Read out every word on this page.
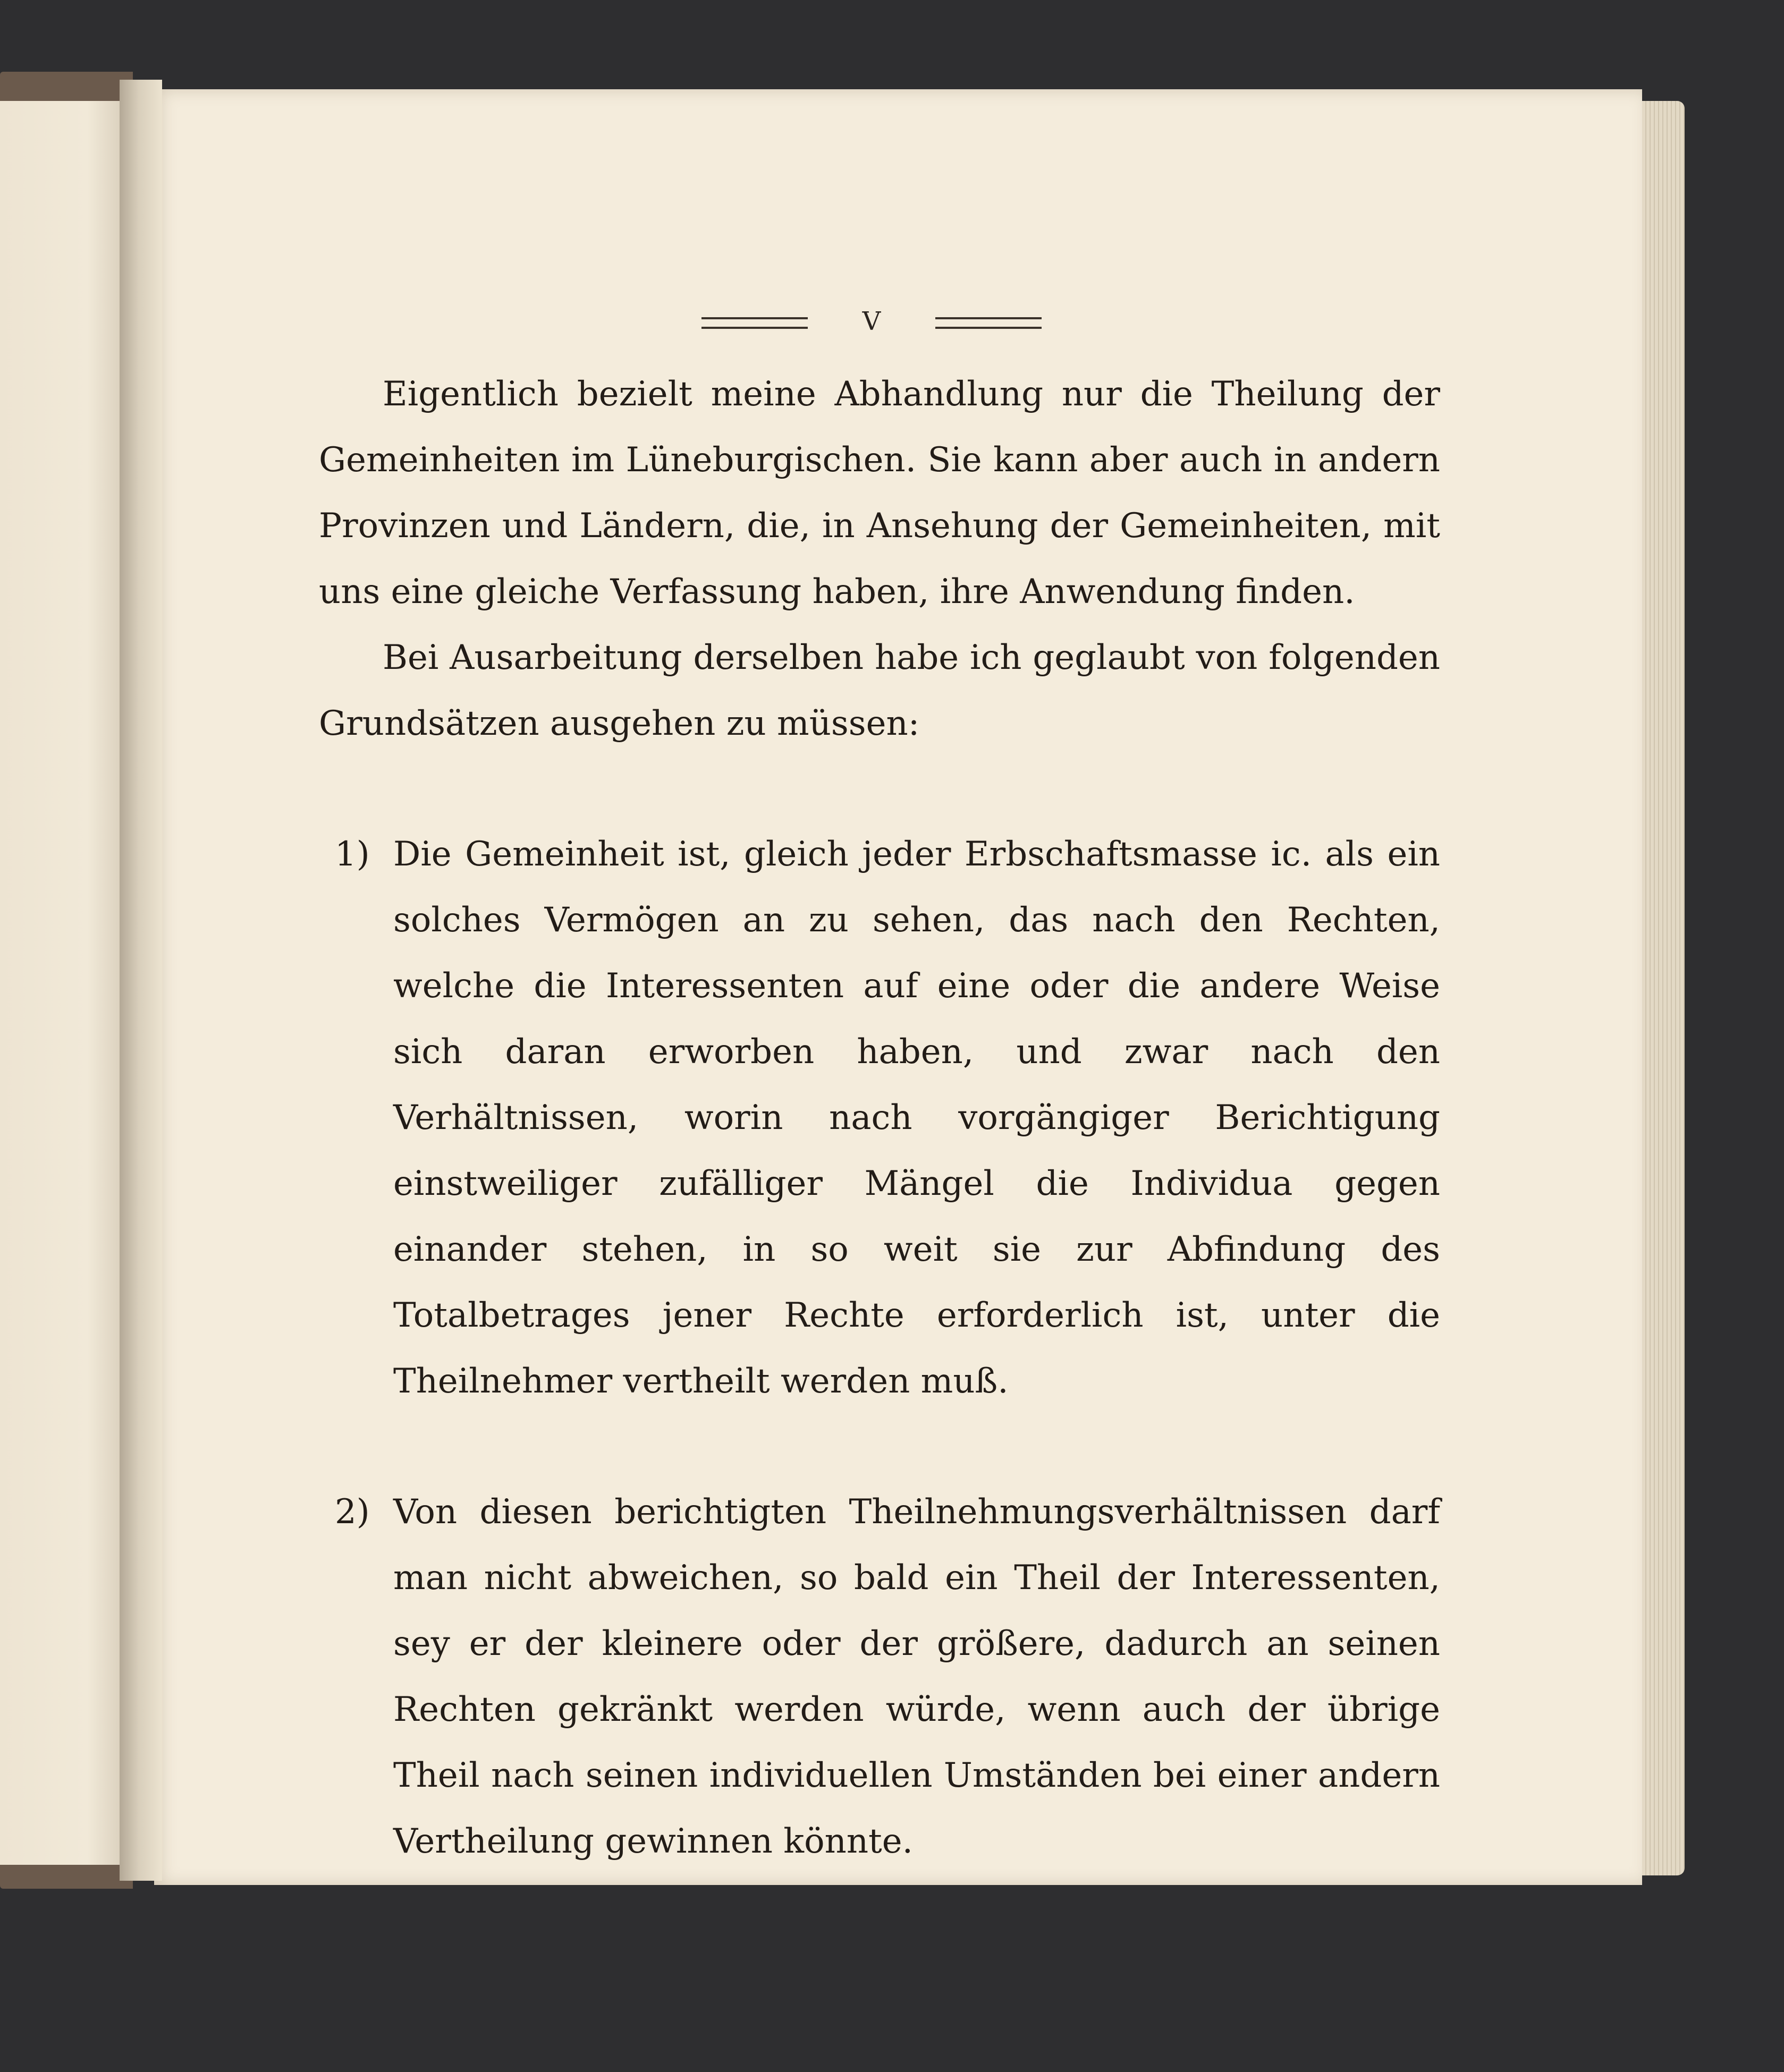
V

Eigentlich bezielt meine Abhandlung nur die Theilung der Gemeinheiten im Lüneburgischen. Sie kann aber auch in andern Provinzen und Ländern, die, in Ansehung der Gemeinheiten, mit uns eine gleiche Verfassung haben, ihre Anwendung finden.

Bei Ausarbeitung derselben habe ich geglaubt von folgenden Grundsätzen ausgehen zu müssen:

1) Die Gemeinheit ist, gleich jeder Erbschaftsmasse ic. als ein solches Vermögen an zu sehen, das nach den Rechten, welche die Interessenten auf eine oder die andere Weise sich daran erworben haben, und zwar nach den Verhältnissen, worin nach vorgängiger Berichtigung einstweiliger zufälliger Mängel die Individua gegen einander stehen, in so weit sie zur Abfindung des Totalbetrages jener Rechte erforderlich ist, unter die Theilnehmer vertheilt werden muß.
2) Von diesen berichtigten Theilnehmungsverhältnissen darf man nicht abweichen, so bald ein Theil der Interessenten, sey er der kleinere oder der größere, dadurch an seinen Rechten gekränkt werden würde, wenn auch der übrige Theil nach seinen individuellen Umständen bei einer andern Vertheilung gewinnen könnte.
